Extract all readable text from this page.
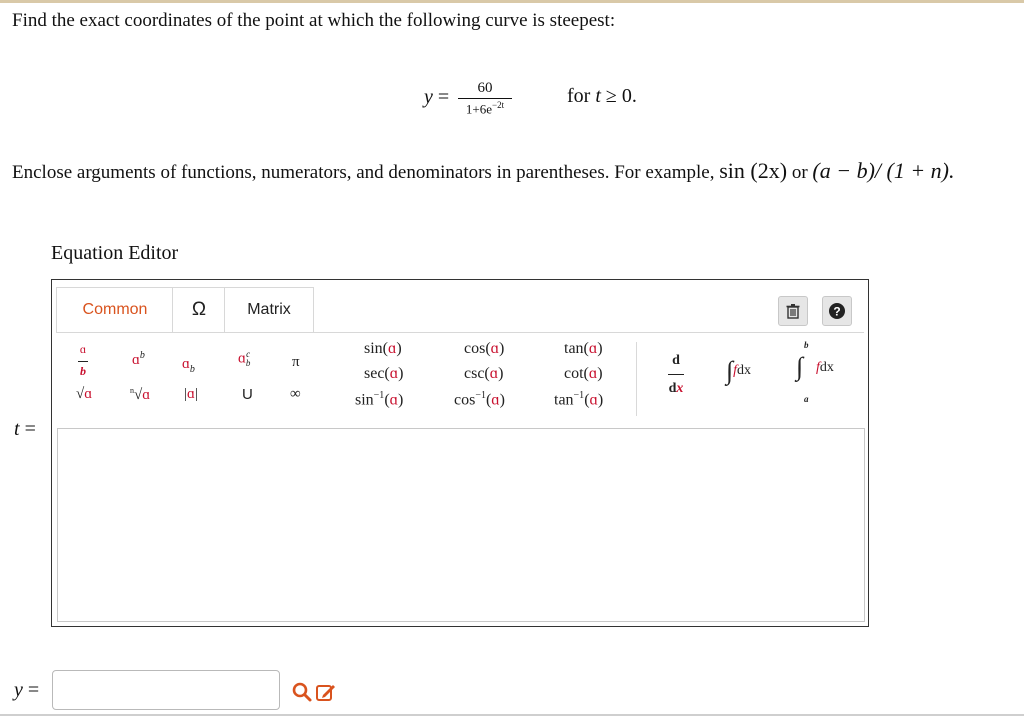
Find the exact coordinates of the point at which the following curve is steepest:
y =	60
$1+6e^{-2t}$	for t ≥ 0.
Enclose arguments of functions, numerators, and denominators in parentheses. For example, sin (2x) or (a − b)/ (1 + n).
Equation Editor
Common	Ω	Matrix	?
ɑ

b
√ɑ
ɑ$^b$
$^n$√ɑ
ɑ$_b$
|ɑ|
ɑc
b
U
π
∞
sin(ɑ)
sec(ɑ)
$\sin^{-1}(ɑ)$
cos(ɑ)
csc(ɑ)
$\cos^{-1}(ɑ)$
tan(ɑ)
cot(ɑ)
$\tan^{-1}(ɑ)$
d

dx
∫fdx
b
∫ fdx
a
t =
y =
